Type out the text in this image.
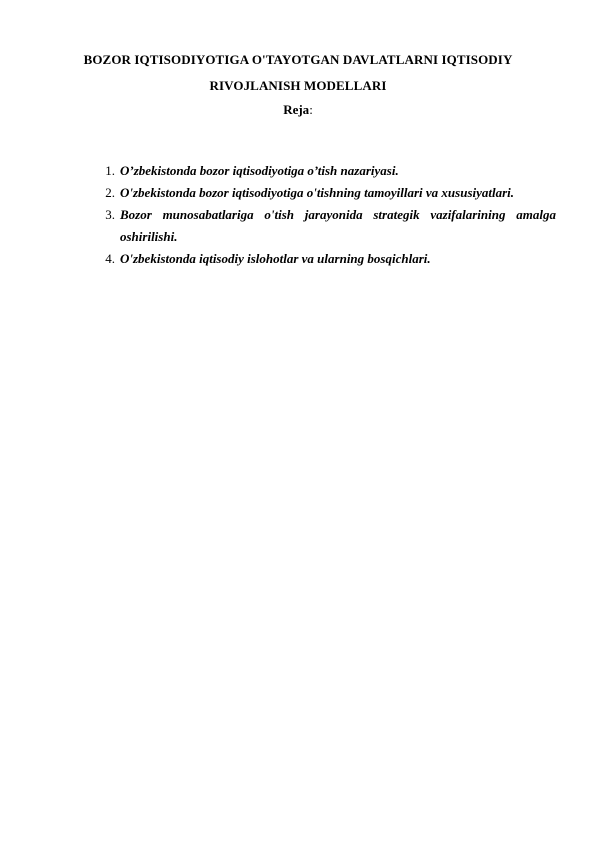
BOZOR IQTISODIYOTIGA O'TAYOTGAN DAVLATLARNI IQTISODIY
RIVOJLANISH MODELLARI
Reja:
1. O’zbekistonda bozor iqtisodiyotiga o’tish nazariyasi.
2. O'zbekistonda bozor iqtisodiyotiga o'tishning tamoyillari va xususiyatlari.
3. Bozor munosabatlariga o'tish jarayonida strategik vazifalarining amalga oshirilishi.
4. O'zbekistonda iqtisodiy islohotlar va ularning bosqichlari.
